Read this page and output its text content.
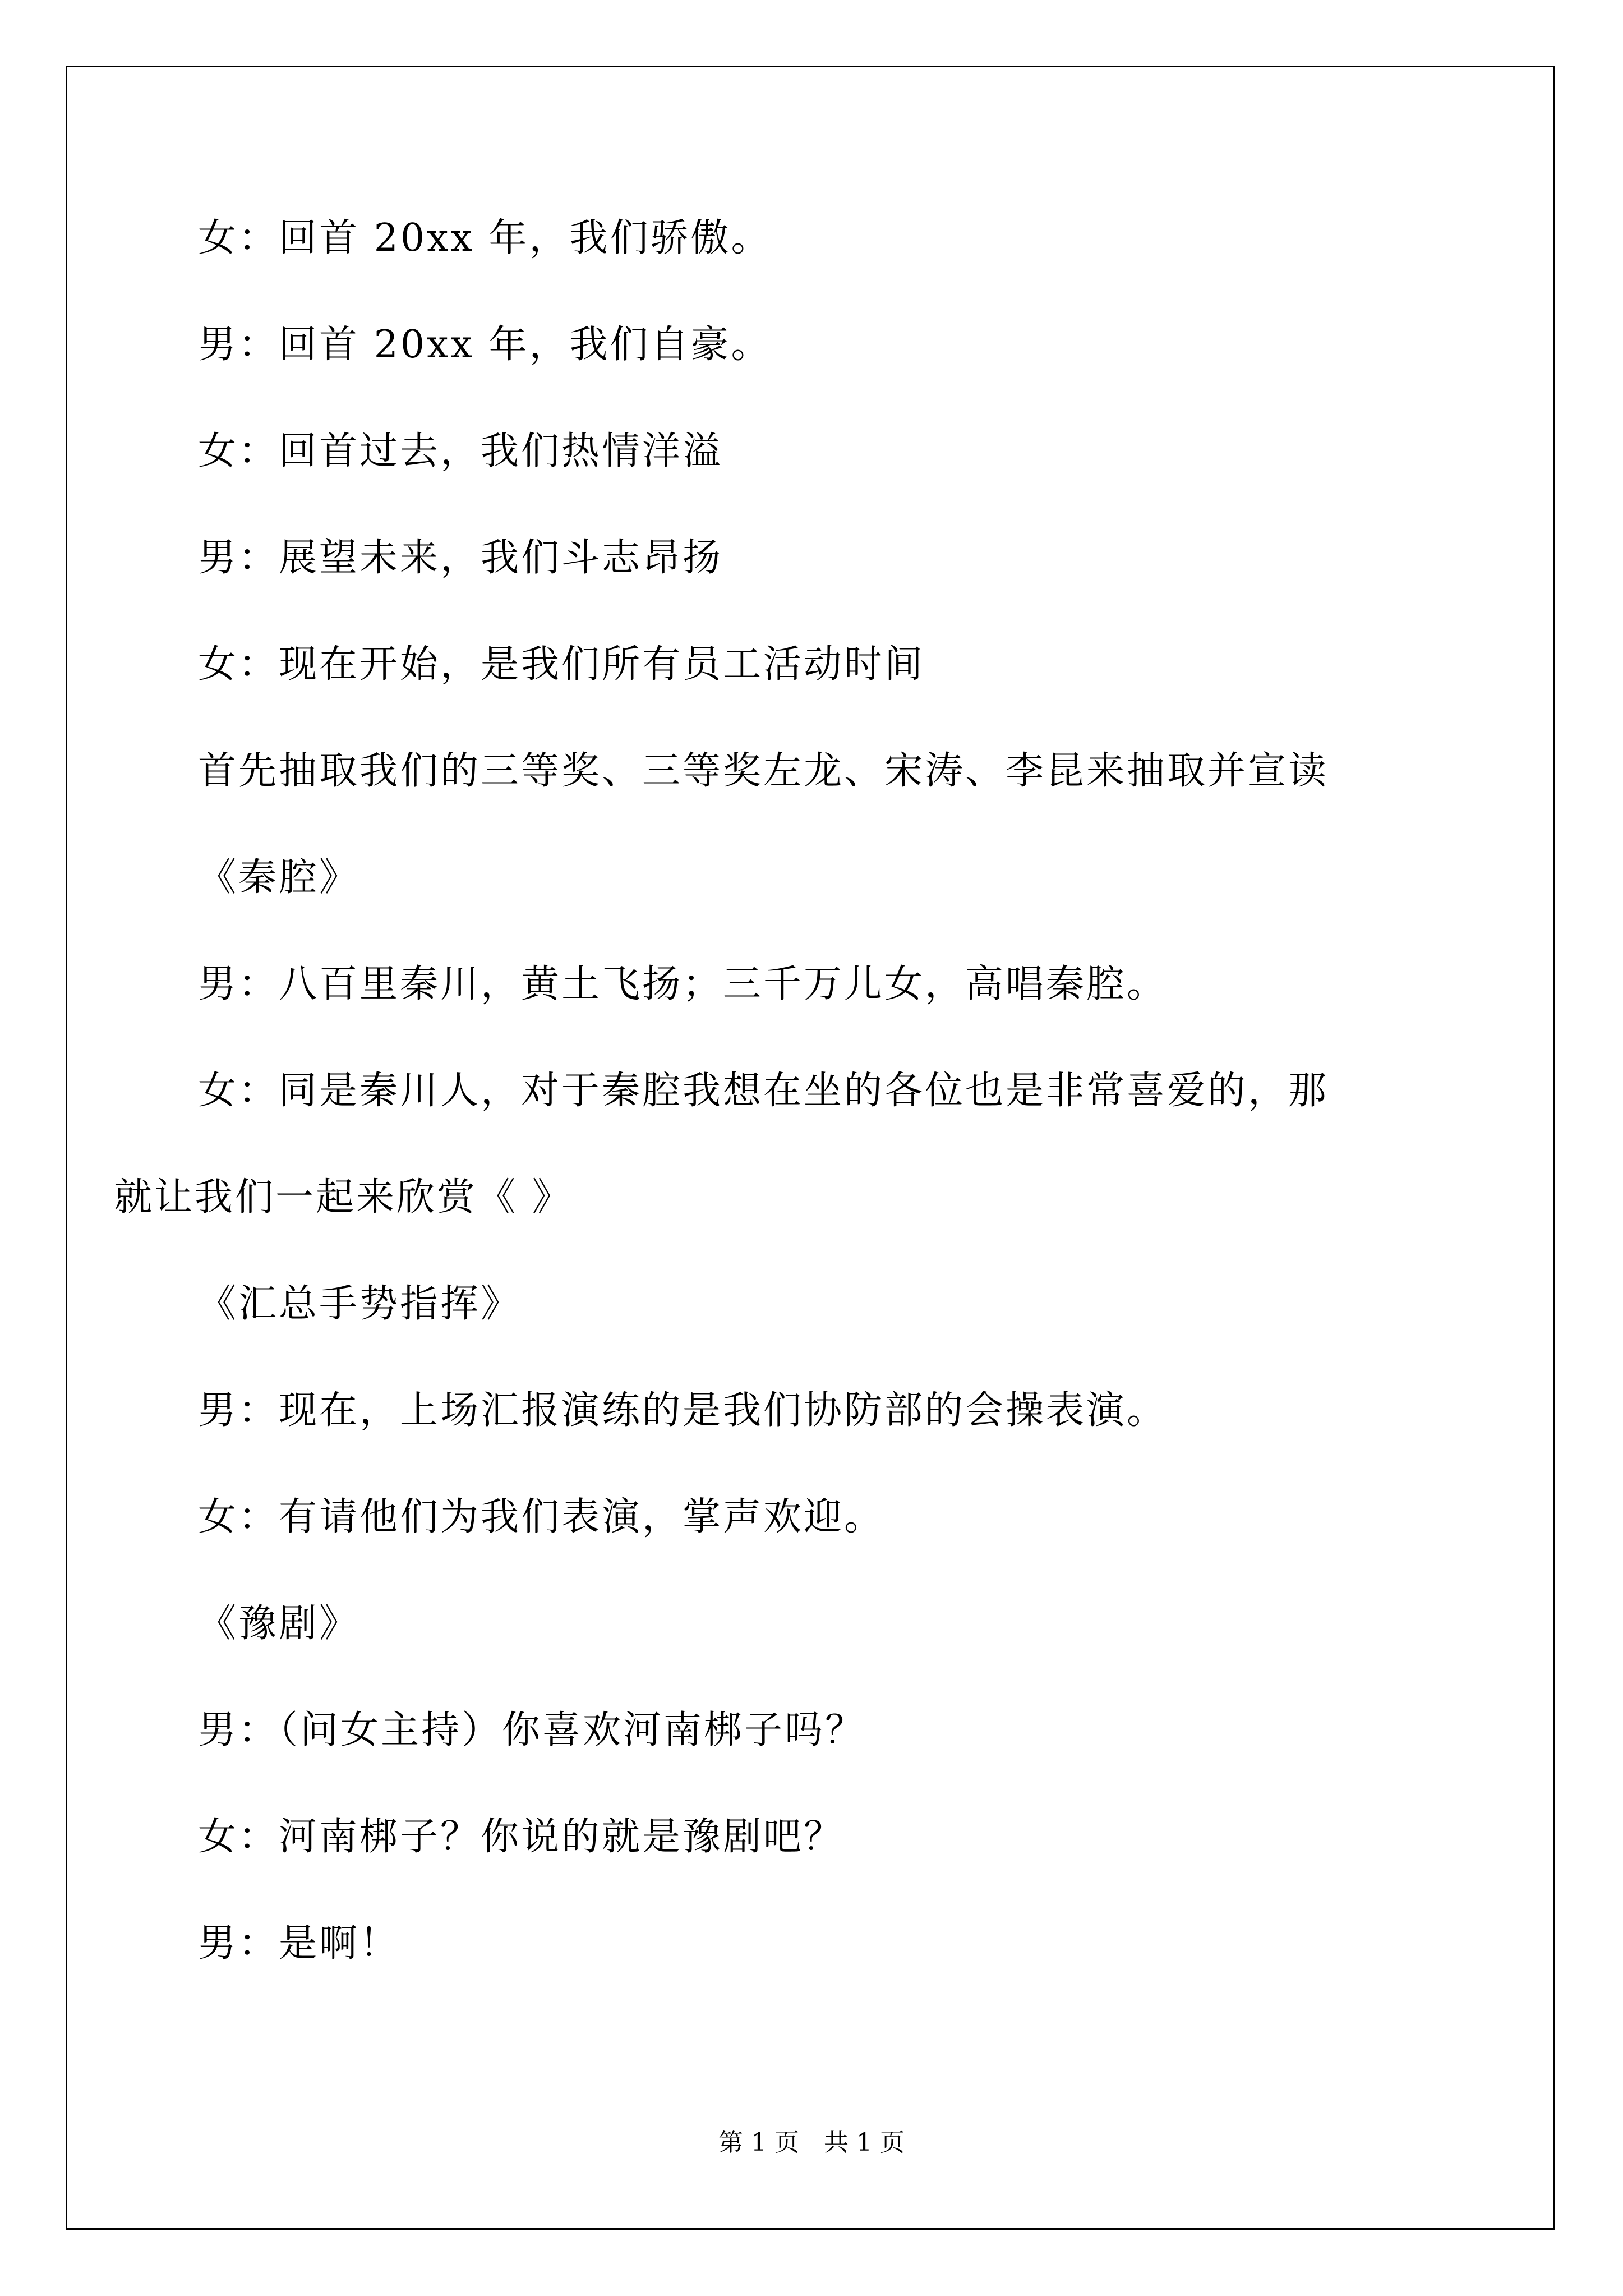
女：回首 20xx 年，我们骄傲。
男：回首 20xx 年，我们自豪。
女：回首过去，我们热情洋溢
男：展望未来，我们斗志昂扬
女：现在开始，是我们所有员工活动时间
首先抽取我们的三等奖、三等奖左龙、宋涛、李昆来抽取并宣读
《秦腔》
男：八百里秦川，黄土飞扬；三千万儿女，高唱秦腔。
女：同是秦川人，对于秦腔我想在坐的各位也是非常喜爱的，那
就让我们一起来欣赏《 》
《汇总手势指挥》
男：现在，上场汇报演练的是我们协防部的会操表演。
女：有请他们为我们表演，掌声欢迎。
《豫剧》
男：（问女主持）你喜欢河南梆子吗？
女：河南梆子？你说的就是豫剧吧？
男：是啊！
第 1 页　共 1 页
